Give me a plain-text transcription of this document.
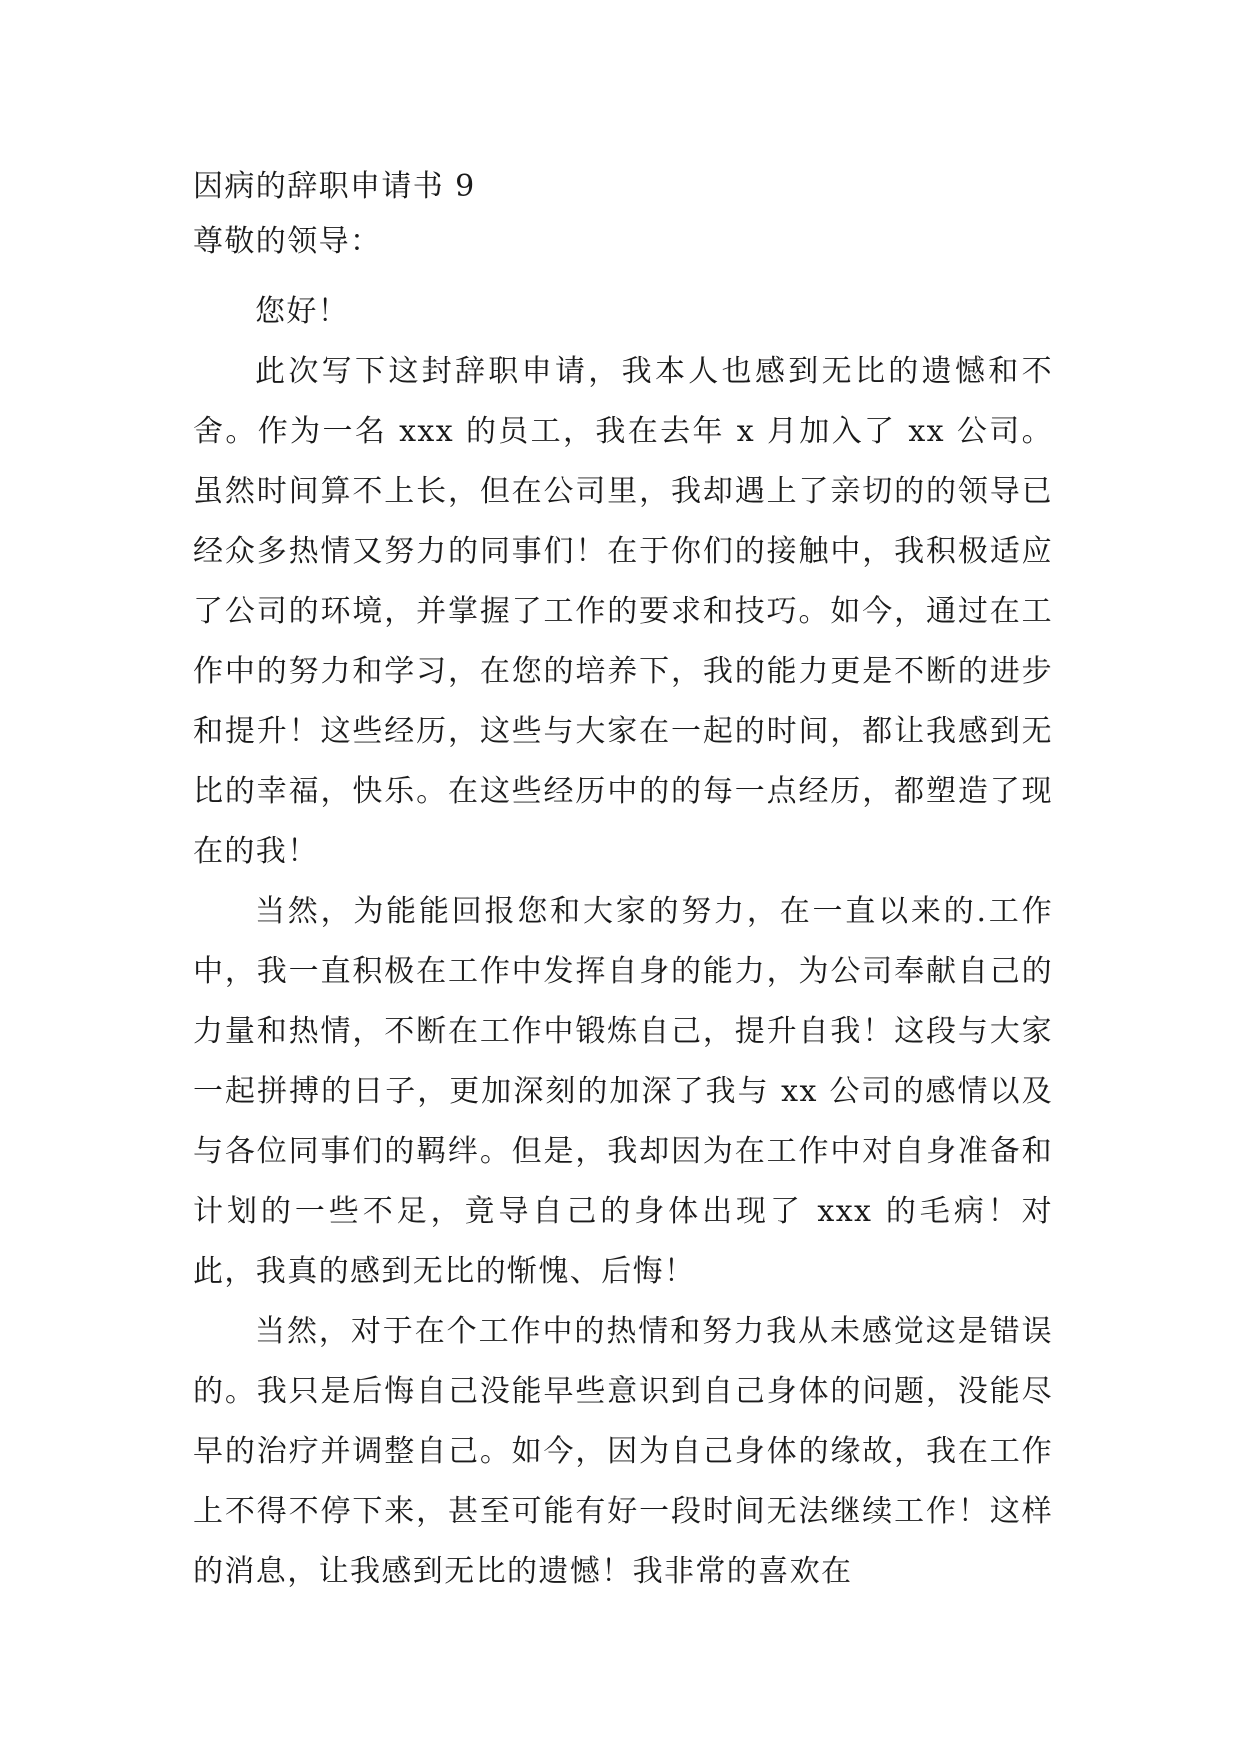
因病的辞职申请书 9

尊敬的领导：

您好！

此次写下这封辞职申请，我本人也感到无比的遗憾和不舍。作为一名 xxx 的员工，我在去年 x 月加入了 xx 公司。虽然时间算不上长，但在公司里，我却遇上了亲切的的领导已经众多热情又努力的同事们！在于你们的接触中，我积极适应了公司的环境，并掌握了工作的要求和技巧。如今，通过在工作中的努力和学习，在您的培养下，我的能力更是不断的进步和提升！这些经历，这些与大家在一起的时间，都让我感到无比的幸福，快乐。在这些经历中的的每一点经历，都塑造了现在的我！

当然，为能能回报您和大家的努力，在一直以来的.工作中，我一直积极在工作中发挥自身的能力，为公司奉献自己的力量和热情，不断在工作中锻炼自己，提升自我！这段与大家一起拼搏的日子，更加深刻的加深了我与 xx 公司的感情以及与各位同事们的羁绊。但是，我却因为在工作中对自身准备和计划的一些不足，竟导自己的身体出现了 xxx 的毛病！对此，我真的感到无比的惭愧、后悔！

当然，对于在个工作中的热情和努力我从未感觉这是错误的。我只是后悔自己没能早些意识到自己身体的问题，没能尽早的治疗并调整自己。如今，因为自己身体的缘故，我在工作上不得不停下来，甚至可能有好一段时间无法继续工作！这样的消息，让我感到无比的遗憾！我非常的喜欢在
